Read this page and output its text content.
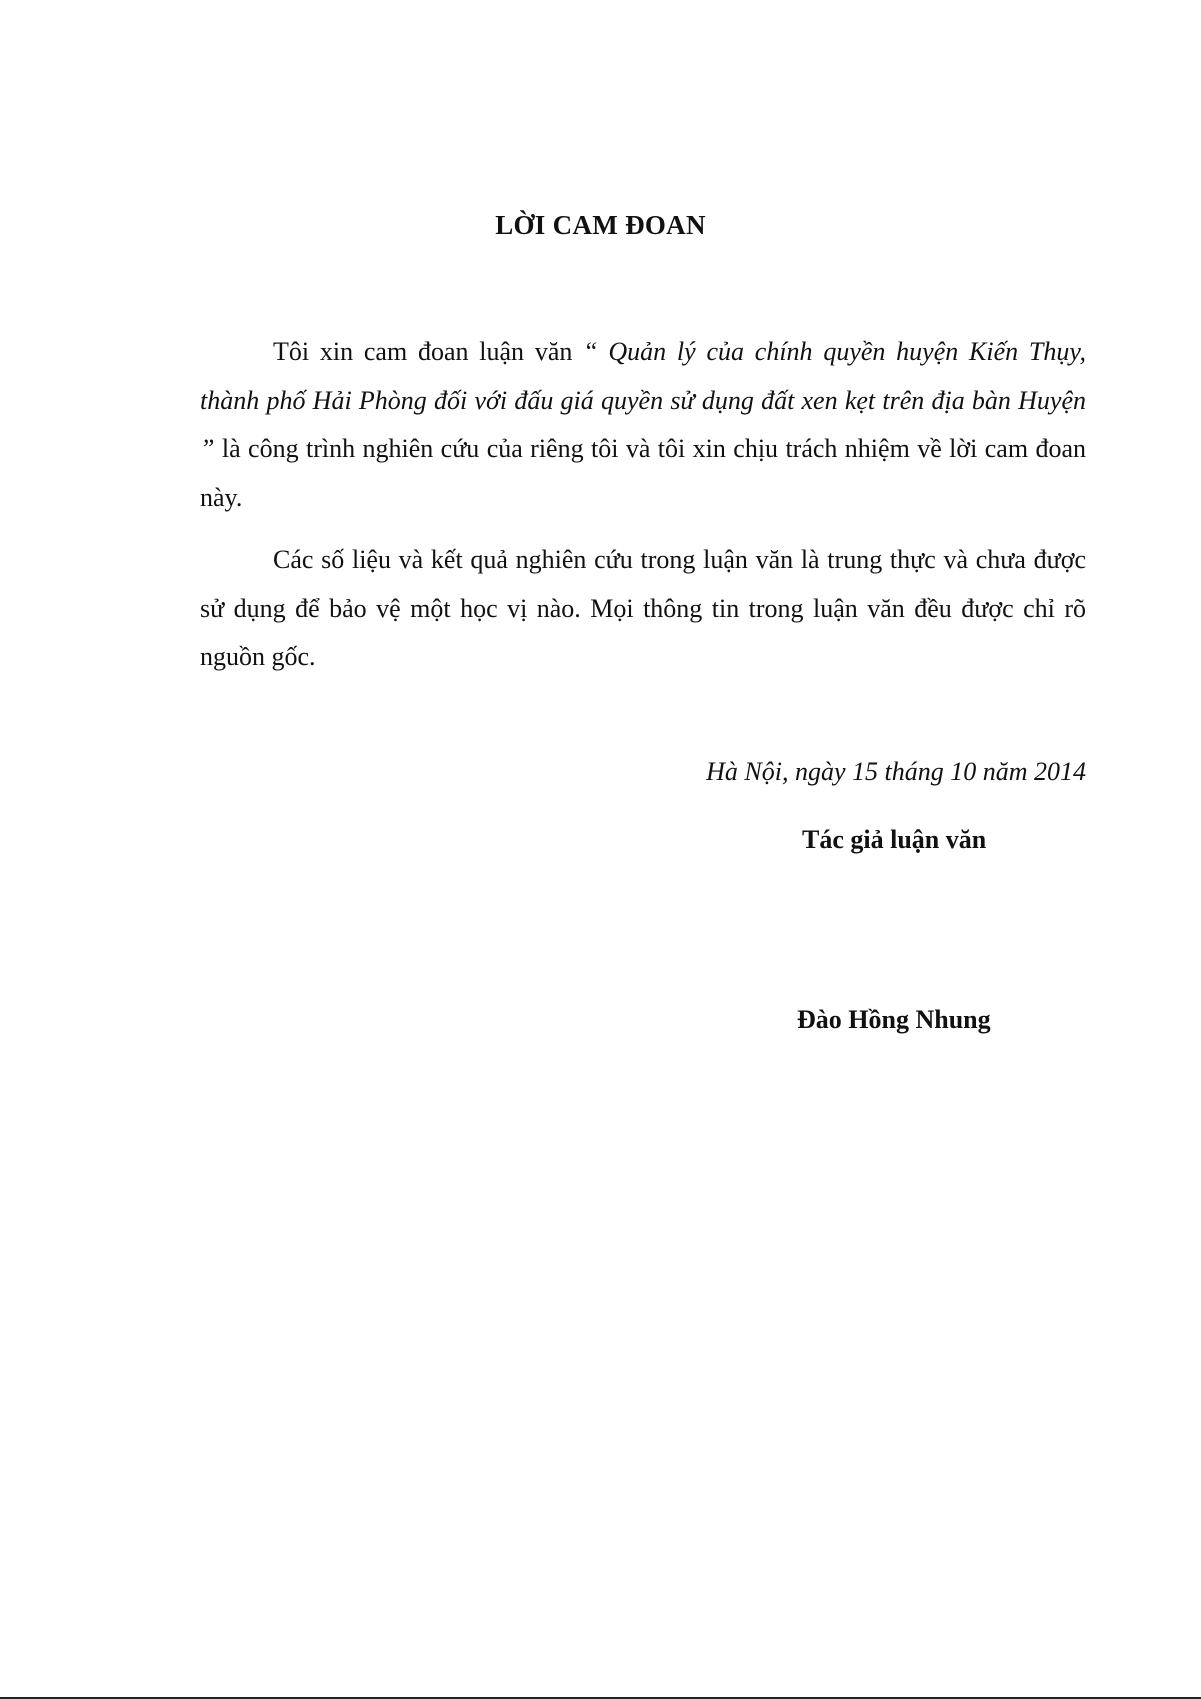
LỜI CAM ĐOAN

Tôi xin cam đoan luận văn “ Quản lý của chính quyền huyện Kiến Thụy, thành phố Hải Phòng đối với đấu giá quyền sử dụng đất xen kẹt trên địa bàn Huyện ” là công trình nghiên cứu của riêng tôi và tôi xin chịu trách nhiệm về lời cam đoan này.

Các số liệu và kết quả nghiên cứu trong luận văn là trung thực và chưa được sử dụng để bảo vệ một học vị nào. Mọi thông tin trong luận văn đều được chỉ rõ nguồn gốc.

Hà Nội, ngày 15 tháng 10 năm 2014
Tác giả luận văn
Đào Hồng Nhung
